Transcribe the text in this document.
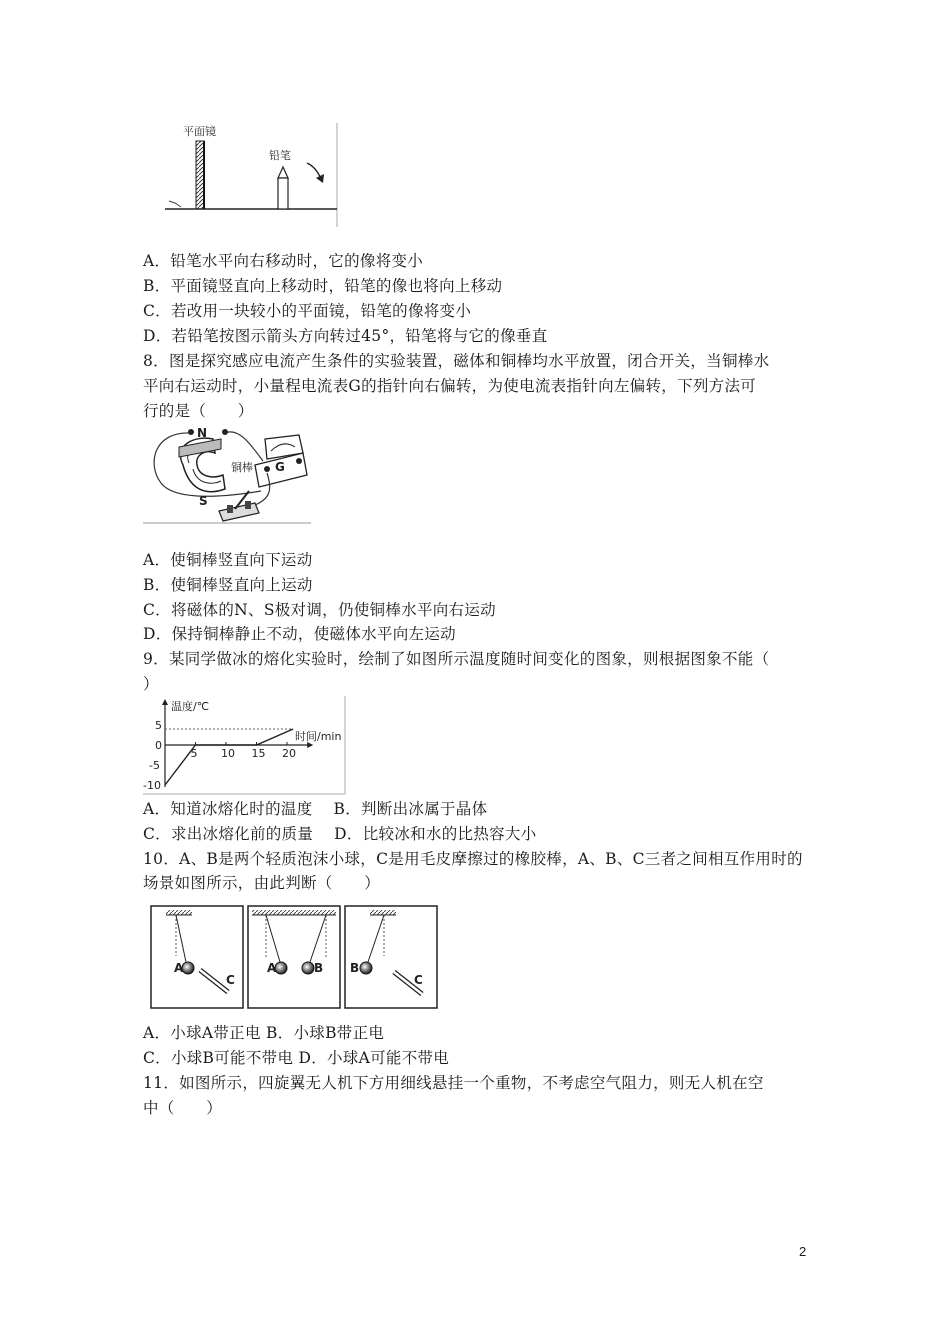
平面镜
铅笔
A．铅笔水平向右移动时，它的像将变小
B．平面镜竖直向上移动时，铅笔的像也将向上移动
C．若改用一块较小的平面镜，铅笔的像将变小
D．若铅笔按图示箭头方向转过45°，铅笔将与它的像垂直
8．图是探究感应电流产生条件的实验装置，磁体和铜棒均水平放置，闭合开关，当铜棒水
平向右运动时，小量程电流表G的指针向右偏转，为使电流表指针向左偏转，下列方法可
行的是（　　）
N
S
铜棒 G
A．使铜棒竖直向下运动
B．使铜棒竖直向上运动
C．将磁体的N、S极对调，仍使铜棒水平向右运动
D．保持铜棒静止不动，使磁体水平向左运动
9．某同学做冰的熔化实验时，绘制了如图所示温度随时间变化的图象，则根据图象不能（
）
温度/℃
时间/min
5 10 15 20
5
0
-5
-10
A．知道冰熔化时的温度　 B．判断出冰属于晶体
C．求出冰熔化前的质量　 D．比较冰和水的比热容大小
10．A、B是两个轻质泡沫小球，C是用毛皮摩擦过的橡胶棒，A、B、C三者之间相互作用时的
场景如图所示，由此判断（　　）
A
C
A	B B
C
A．小球A带正电 B．小球B带正电
C．小球B可能不带电 D．小球A可能不带电
11．如图所示，四旋翼无人机下方用细线悬挂一个重物，不考虑空气阻力，则无人机在空
中（　　）
2
